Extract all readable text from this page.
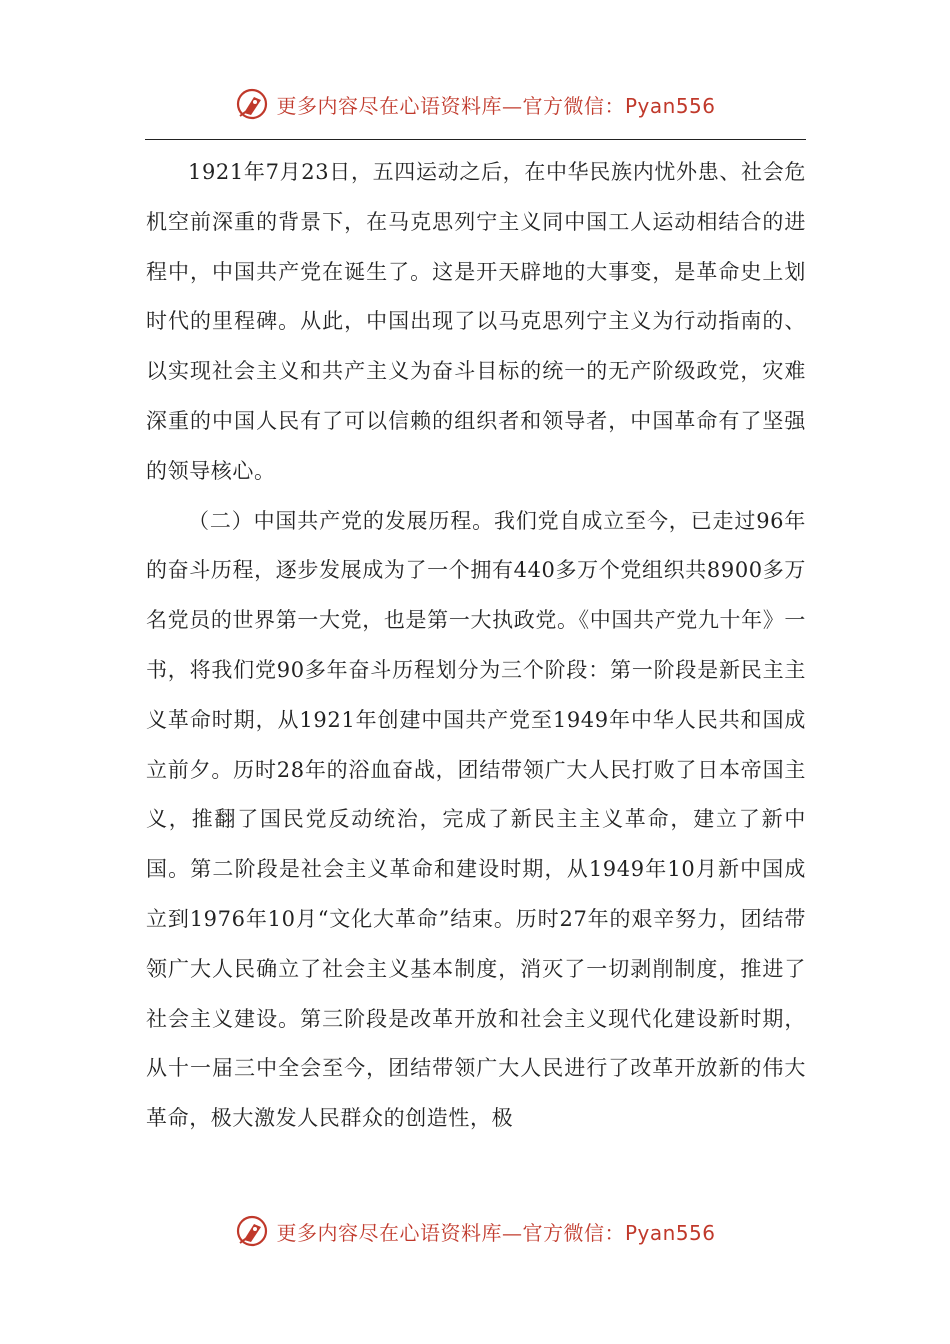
更多内容尽在心语资料库—官方微信：Pyan556

1921年7月23日，五四运动之后，在中华民族内忧外患、社会危机空前深重的背景下，在马克思列宁主义同中国工人运动相结合的进程中，中国共产党在诞生了。这是开天辟地的大事变，是革命史上划时代的里程碑。从此，中国出现了以马克思列宁主义为行动指南的、以实现社会主义和共产主义为奋斗目标的统一的无产阶级政党，灾难深重的中国人民有了可以信赖的组织者和领导者，中国革命有了坚强的领导核心。

（二）中国共产党的发展历程。我们党自成立至今，已走过96年的奋斗历程，逐步发展成为了一个拥有440多万个党组织共8900多万名党员的世界第一大党，也是第一大执政党。《中国共产党九十年》一书，将我们党90多年奋斗历程划分为三个阶段：第一阶段是新民主主义革命时期，从1921年创建中国共产党至1949年中华人民共和国成立前夕。历时28年的浴血奋战，团结带领广大人民打败了日本帝国主义，推翻了国民党反动统治，完成了新民主主义革命，建立了新中国。第二阶段是社会主义革命和建设时期，从1949年10月新中国成立到1976年10月“文化大革命”结束。历时27年的艰辛努力，团结带领广大人民确立了社会主义基本制度，消灭了一切剥削制度，推进了社会主义建设。第三阶段是改革开放和社会主义现代化建设新时期，从十一届三中全会至今，团结带领广大人民进行了改革开放新的伟大革命，极大激发人民群众的创造性，极

更多内容尽在心语资料库—官方微信：Pyan556
